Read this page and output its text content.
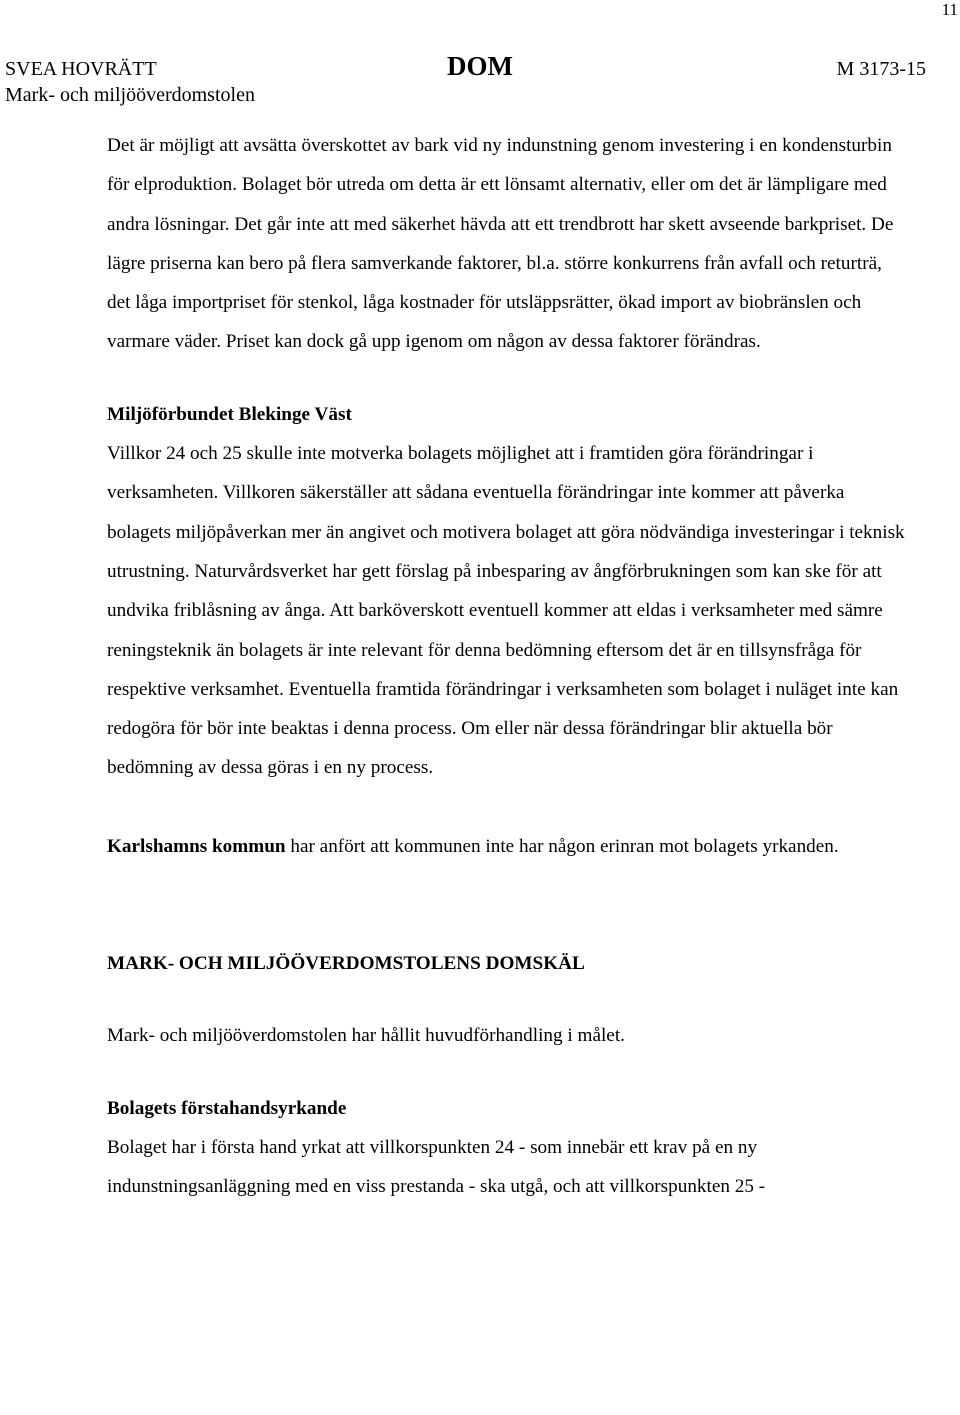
11
SVEA HOVRÄTT
Mark- och miljööverdomstolen
DOM	M 3173-15

Det är möjligt att avsätta överskottet av bark vid ny indunstning genom investering i en kondensturbin för elproduktion. Bolaget bör utreda om detta är ett lönsamt alternativ, eller om det är lämpligare med andra lösningar. Det går inte att med säkerhet hävda att ett trendbrott har skett avseende barkpriset. De lägre priserna kan bero på flera samverkande faktorer, bl.a. större konkurrens från avfall och returträ, det låga importpriset för stenkol, låga kostnader för utsläppsrätter, ökad import av biobränslen och varmare väder. Priset kan dock gå upp igenom om någon av dessa faktorer förändras.

Miljöförbundet Blekinge Väst

Villkor 24 och 25 skulle inte motverka bolagets möjlighet att i framtiden göra förändringar i verksamheten. Villkoren säkerställer att sådana eventuella förändringar inte kommer att påverka bolagets miljöpåverkan mer än angivet och motivera bolaget att göra nödvändiga investeringar i teknisk utrustning. Naturvårdsverket har gett förslag på inbesparing av ångförbrukningen som kan ske för att undvika friblåsning av ånga. Att barköverskott eventuell kommer att eldas i verksamheter med sämre reningsteknik än bolagets är inte relevant för denna bedömning eftersom det är en tillsynsfråga för respektive verksamhet. Eventuella framtida förändringar i verksamheten som bolaget i nuläget inte kan redogöra för bör inte beaktas i denna process. Om eller när dessa förändringar blir aktuella bör bedömning av dessa göras i en ny process.

Karlshamns kommun har anfört att kommunen inte har någon erinran mot bolagets yrkanden.

MARK- OCH MILJÖÖVERDOMSTOLENS DOMSKÄL

Mark- och miljööverdomstolen har hållit huvudförhandling i målet.

Bolagets förstahandsyrkande

Bolaget har i första hand yrkat att villkorspunkten 24 - som innebär ett krav på en ny indunstningsanläggning med en viss prestanda - ska utgå, och att villkorspunkten 25 -
